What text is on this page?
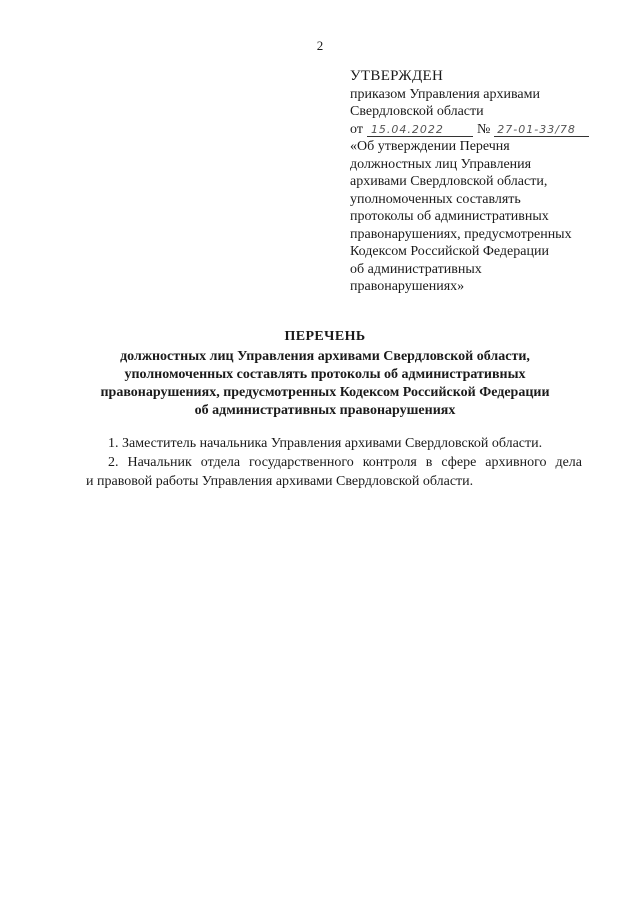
2
УТВЕРЖДЕН
приказом Управления архивами
Свердловской области
от 15.04.2022 № 27-01-33/78
«Об утверждении Перечня
должностных лиц Управления
архивами Свердловской области,
уполномоченных составлять
протоколы об административных
правонарушениях, предусмотренных
Кодексом Российской Федерации
об административных
правонарушениях»
ПЕРЕЧЕНЬ
должностных лиц Управления архивами Свердловской области,
уполномоченных составлять протоколы об административных
правонарушениях, предусмотренных Кодексом Российской Федерации
об административных правонарушениях

1. Заместитель начальника Управления архивами Свердловской области.

2. Начальник отдела государственного контроля в сфере архивного дела
и правовой работы Управления архивами Свердловской области.
